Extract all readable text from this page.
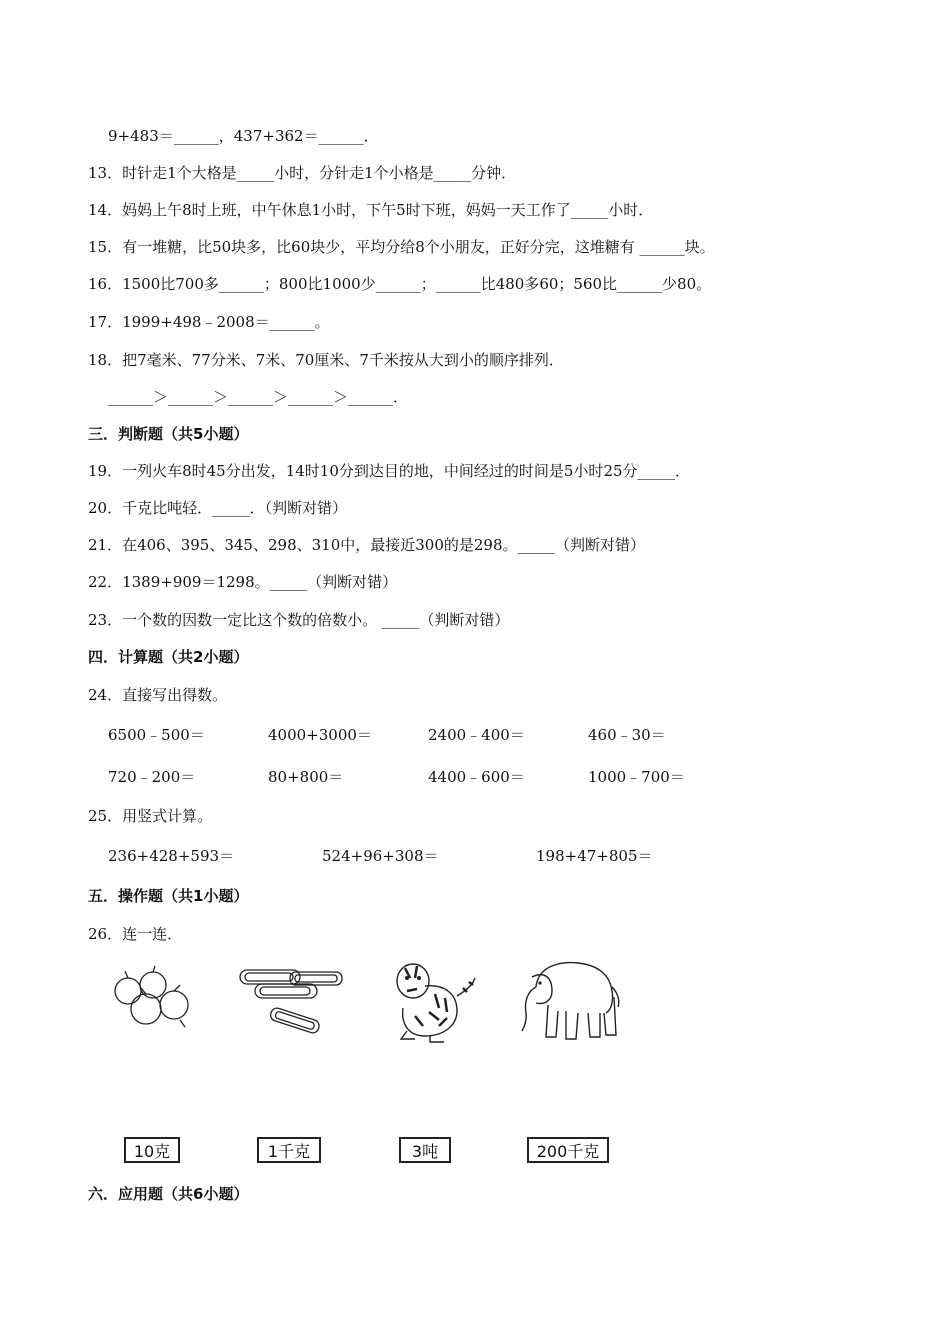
9+483＝______，437+362＝______．
13．时针走1个大格是_____小时，分针走1个小格是_____分钟．
14．妈妈上午8时上班，中午休息1小时，下午5时下班，妈妈一天工作了_____小时．
15．有一堆糖，比50块多，比60块少，平均分给8个小朋友，正好分完，这堆糖有 ______块。
16．1500比700多______；800比1000少______；______比480多60；560比______少80。
17．1999+498﹣2008＝______。
18．把7毫米、77分米、7米、70厘米、7千米按从大到小的顺序排列．
______＞______＞______＞______＞______．
三．判断题（共5小题）
19．一列火车8时45分出发，14时10分到达目的地，中间经过的时间是5小时25分_____．
20．千克比吨轻．_____．（判断对错）
21．在406、395、345、298、310中，最接近300的是298。_____（判断对错）
22．1389+909＝1298。_____（判断对错）
23．一个数的因数一定比这个数的倍数小。 _____（判断对错）
四．计算题（共2小题）
24．直接写出得数。
6500﹣500＝	4000+3000＝	2400﹣400＝	460﹣30＝
720﹣200＝	80+800＝	4400﹣600＝	1000﹣700＝
25．用竖式计算。
236+428+593＝	524+96+308＝	198+47+805＝
五．操作题（共1小题）
26．连一连．
10克	1千克	3吨	200千克
六．应用题（共6小题）
